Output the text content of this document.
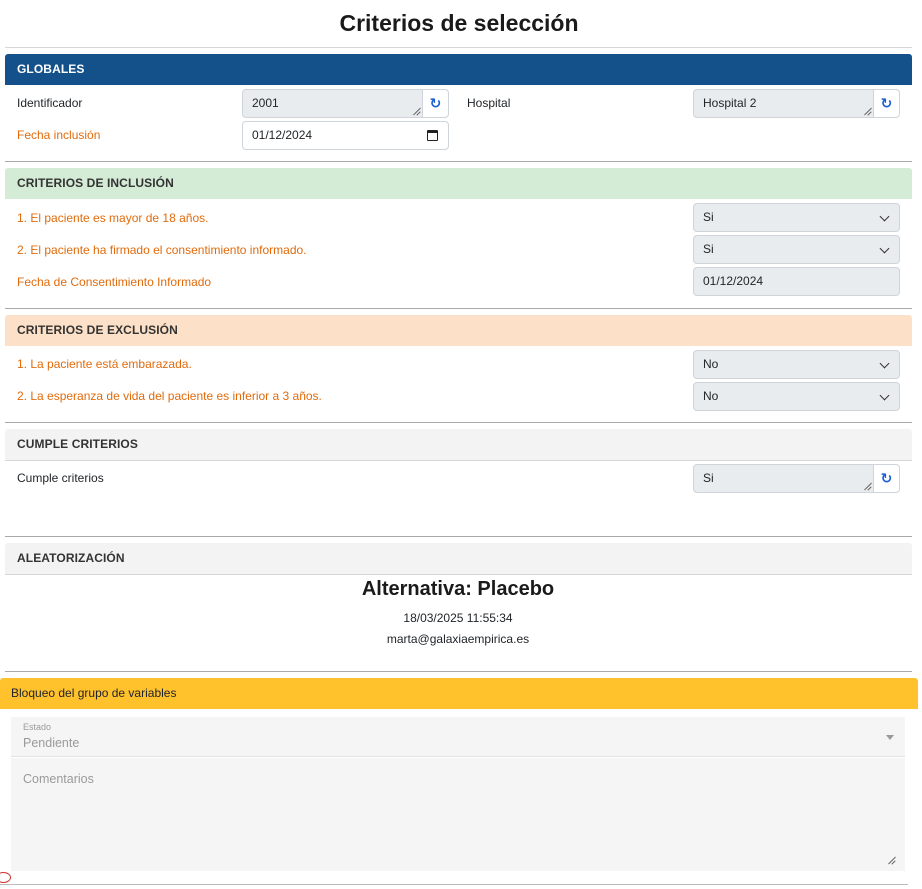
Criterios de selección
GLOBALES
Identificador	2001	↻	Hospital	Hospital 2	↻
Fecha inclusión	01/12/2024
CRITERIOS DE INCLUSIÓN
1. El paciente es mayor de 18 años.	Si
2. El paciente ha firmado el consentimiento informado.	Si
Fecha de Consentimiento Informado	01/12/2024
CRITERIOS DE EXCLUSIÓN
1. La paciente está embarazada.	No
2. La esperanza de vida del paciente es inferior a 3 años.	No
CUMPLE CRITERIOS
Cumple criterios	Si	↻
ALEATORIZACIÓN
Alternativa: Placebo
18/03/2025 11:55:34
marta@galaxiaempirica.es
Bloqueo del grupo de variables
Estado
Pendiente
Comentarios
